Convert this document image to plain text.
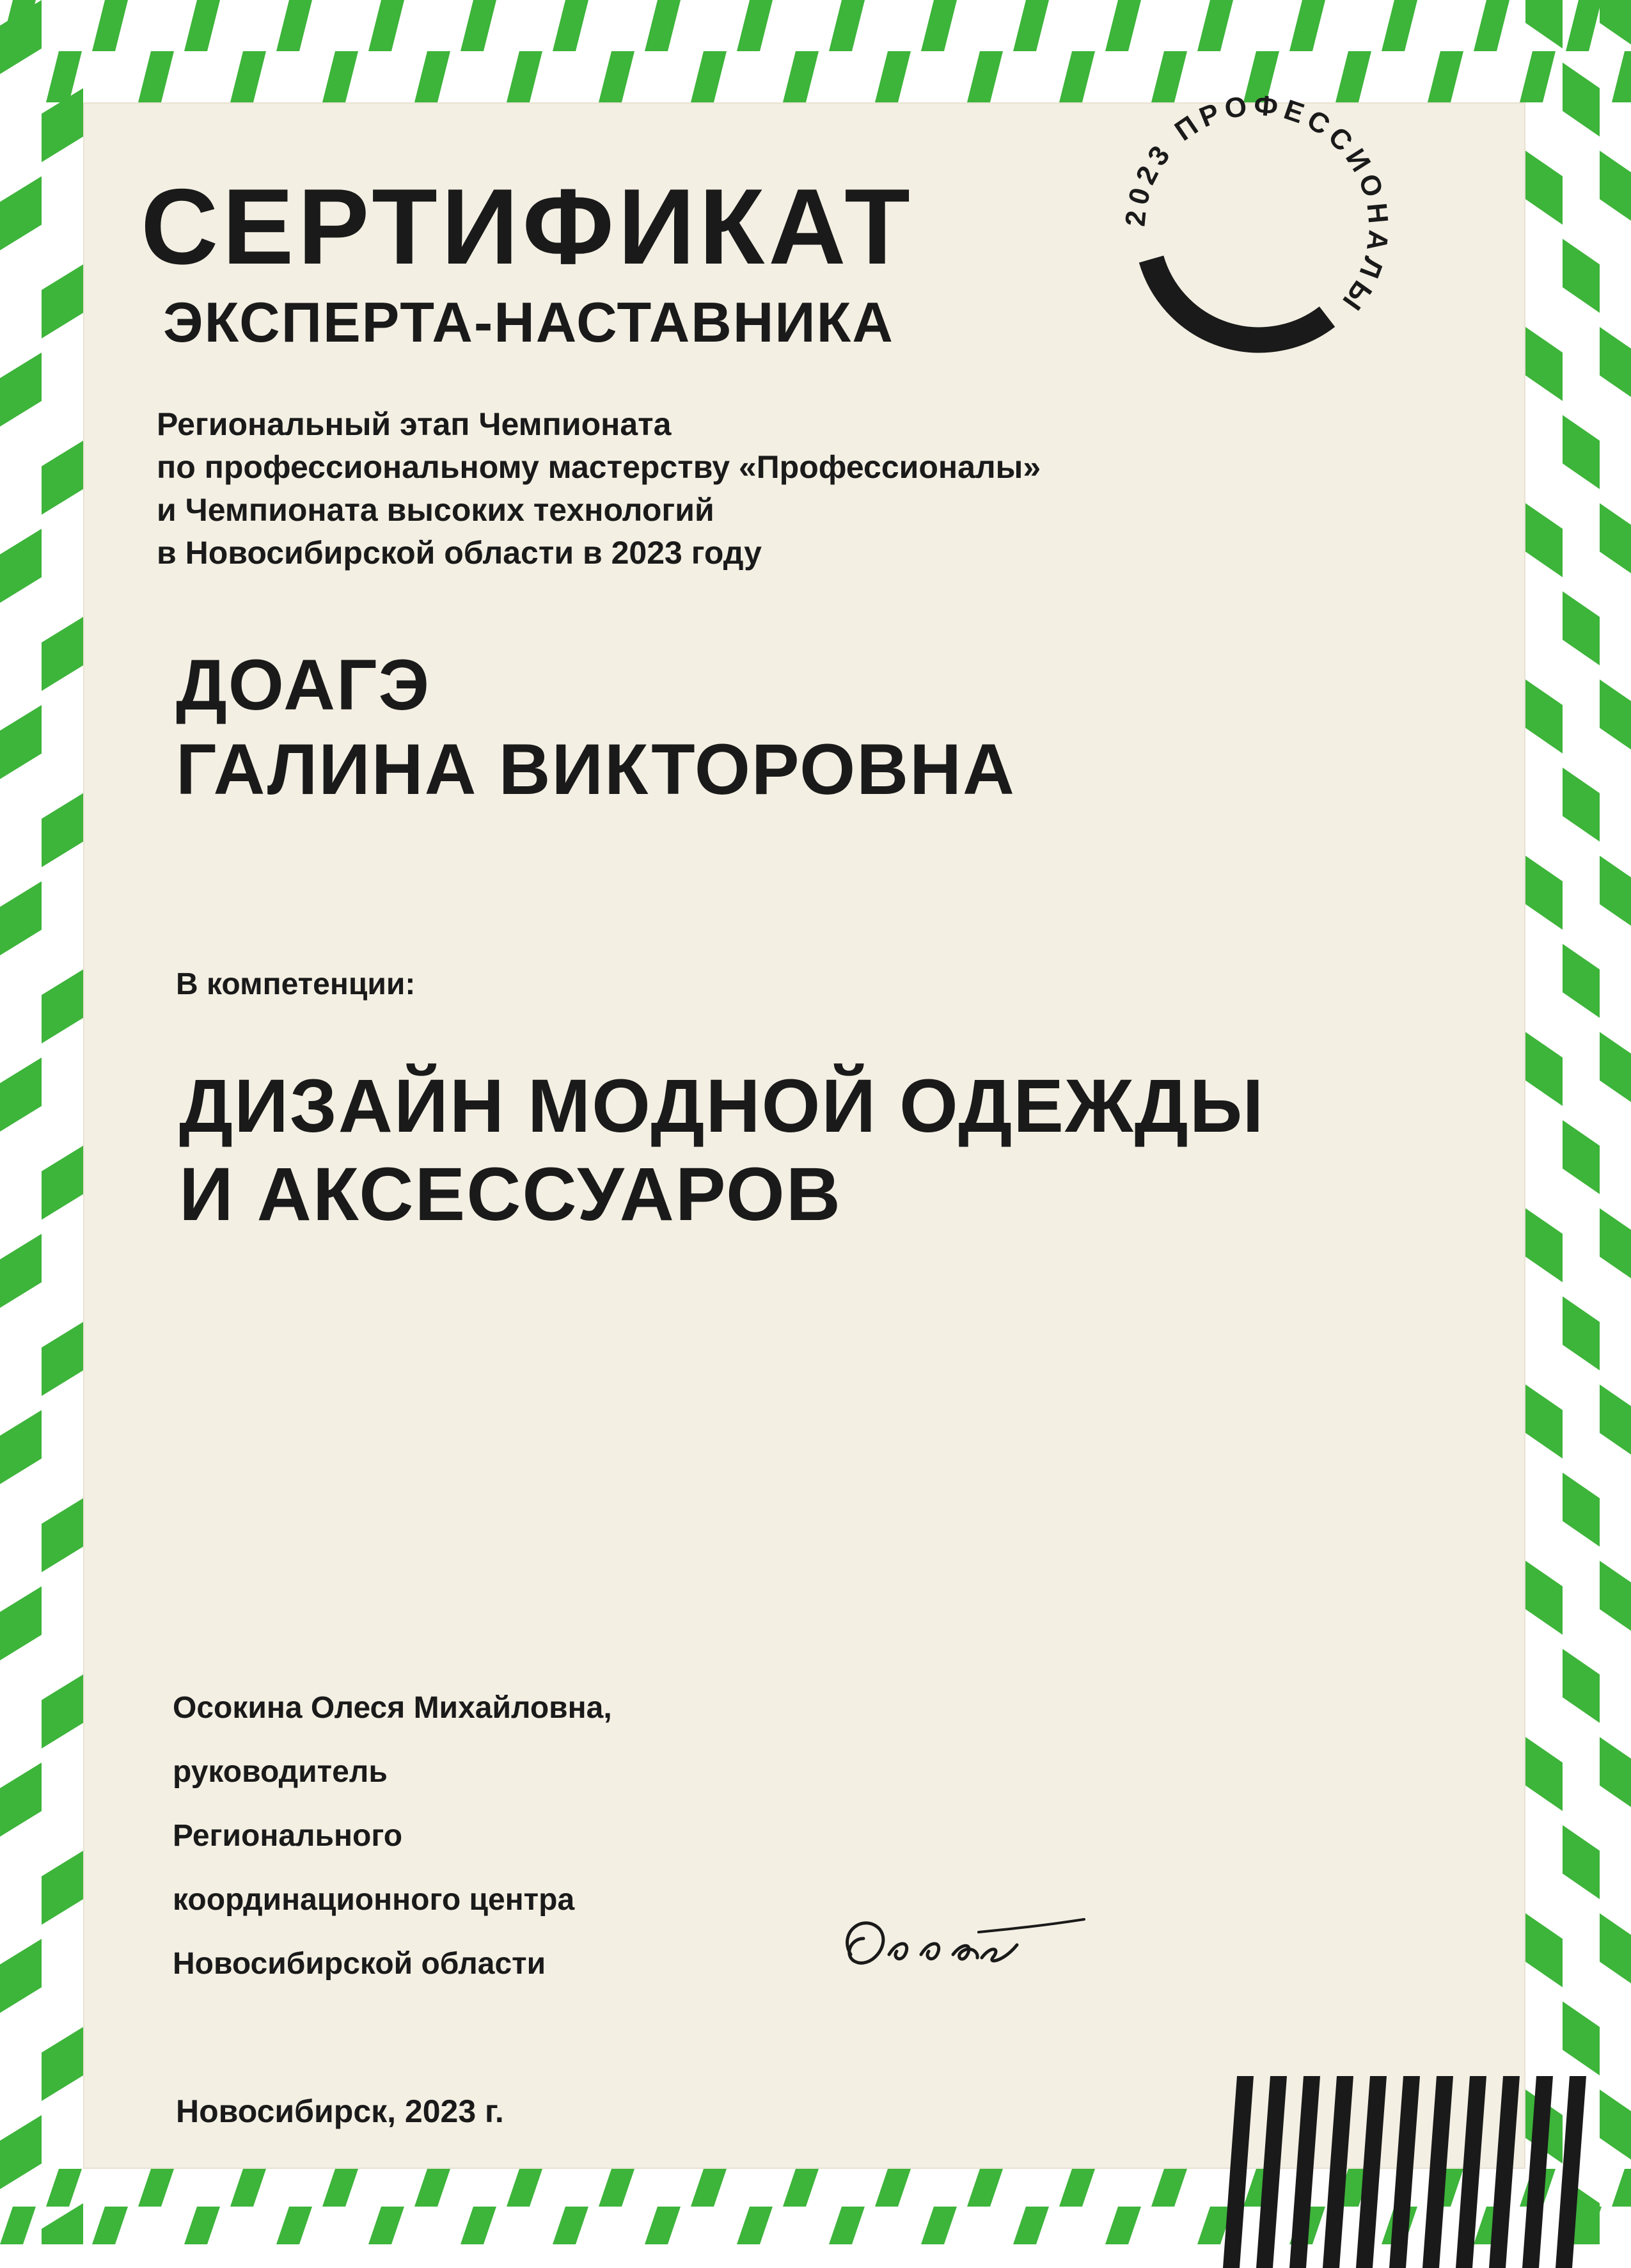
СЕРТИФИКАТ
ЭКСПЕРТА-НАСТАВНИКА
Региональный этап Чемпионата
по профессиональному мастерству «Профессионалы»
и Чемпионата высоких технологий
в Новосибирской области в 2023 году
ДОАГЭ
ГАЛИНА ВИКТОРОВНА
В компетенции:
ДИЗАЙН МОДНОЙ ОДЕЖДЫ
И АКСЕССУАРОВ
Осокина Олеся Михайловна,
руководитель
Регионального
координационного центра
Новосибирской области
Новосибирск, 2023 г.
2023 ПРОФЕССИОНАЛЫ
